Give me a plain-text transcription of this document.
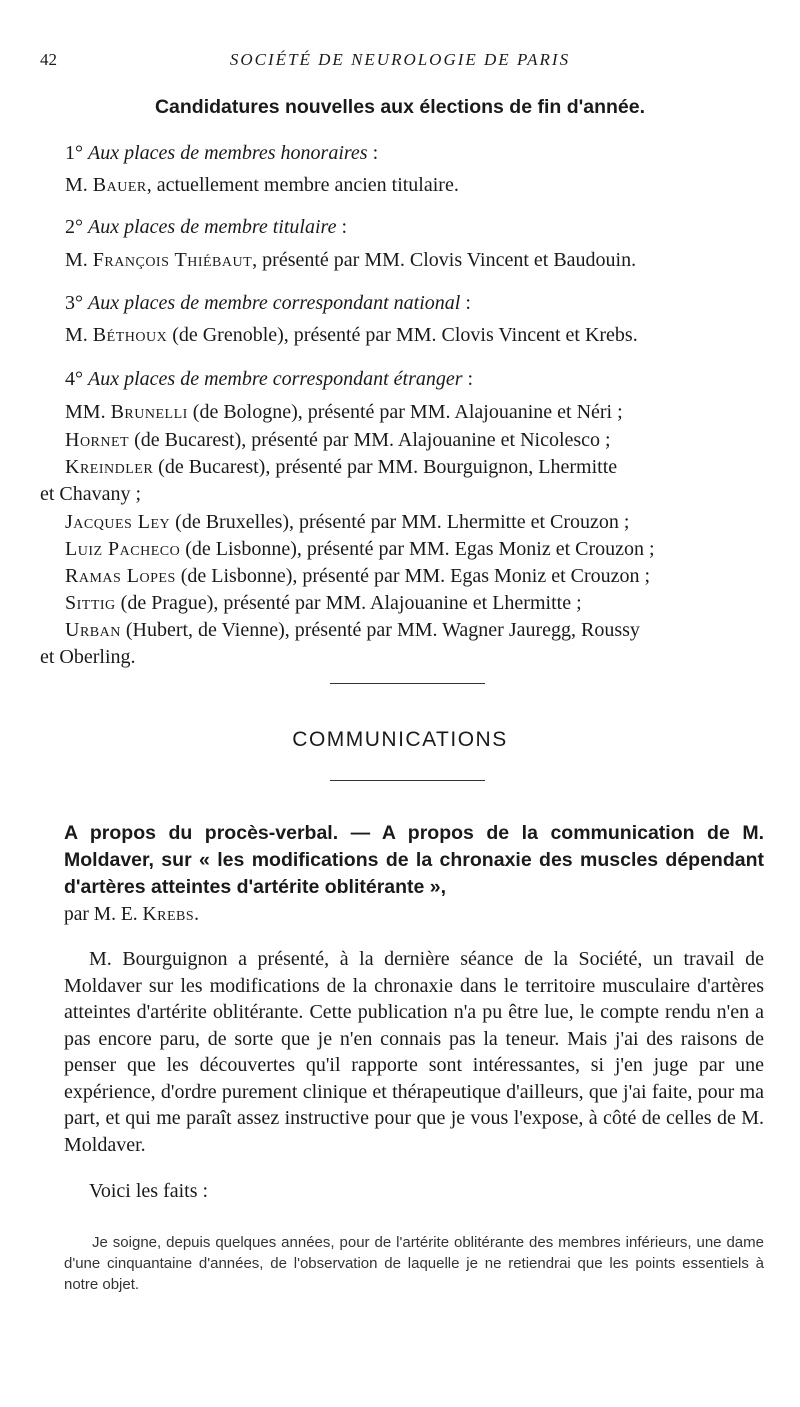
42	SOCIÉTÉ DE NEUROLOGIE DE PARIS
Candidatures nouvelles aux élections de fin d'année.
1° Aux places de membres honoraires :
M. Bauer, actuellement membre ancien titulaire.
2° Aux places de membre titulaire :
M. François Thiébaut, présenté par MM. Clovis Vincent et Baudouin.
3° Aux places de membre correspondant national :
M. Béthoux (de Grenoble), présenté par MM. Clovis Vincent et Krebs.
4° Aux places de membre correspondant étranger :
MM. Brunelli (de Bologne), présenté par MM. Alajouanine et Néri ;
Hornet (de Bucarest), présenté par MM. Alajouanine et Nicolesco ;
Kreindler (de Bucarest), présenté par MM. Bourguignon, Lhermitte
et Chavany ;
Jacques Ley (de Bruxelles), présenté par MM. Lhermitte et Crouzon ;
Luiz Pacheco (de Lisbonne), présenté par MM. Egas Moniz et Crouzon ;
Ramas Lopes (de Lisbonne), présenté par MM. Egas Moniz et Crouzon ;
Sittig (de Prague), présenté par MM. Alajouanine et Lhermitte ;
Urban (Hubert, de Vienne), présenté par MM. Wagner Jauregg, Roussy
et Oberling.
COMMUNICATIONS
A propos du procès-verbal. — A propos de la communication de M. Moldaver, sur « les modifications de la chronaxie des muscles dépendant d'artères atteintes d'artérite oblitérante »,
par M. E. Krebs.

M. Bourguignon a présenté, à la dernière séance de la Société, un travail de Moldaver sur les modifications de la chronaxie dans le territoire musculaire d'artères atteintes d'artérite oblitérante. Cette publication n'a pu être lue, le compte rendu n'en a pas encore paru, de sorte que je n'en connais pas la teneur. Mais j'ai des raisons de penser que les découvertes qu'il rapporte sont intéressantes, si j'en juge par une expérience, d'ordre purement clinique et thérapeutique d'ailleurs, que j'ai faite, pour ma part, et qui me paraît assez instructive pour que je vous l'expose, à côté de celles de M. Moldaver.

Voici les faits :

Je soigne, depuis quelques années, pour de l'artérite oblitérante des membres inférieurs, une dame d'une cinquantaine d'années, de l'observation de laquelle je ne retiendrai que les points essentiels à notre objet.
